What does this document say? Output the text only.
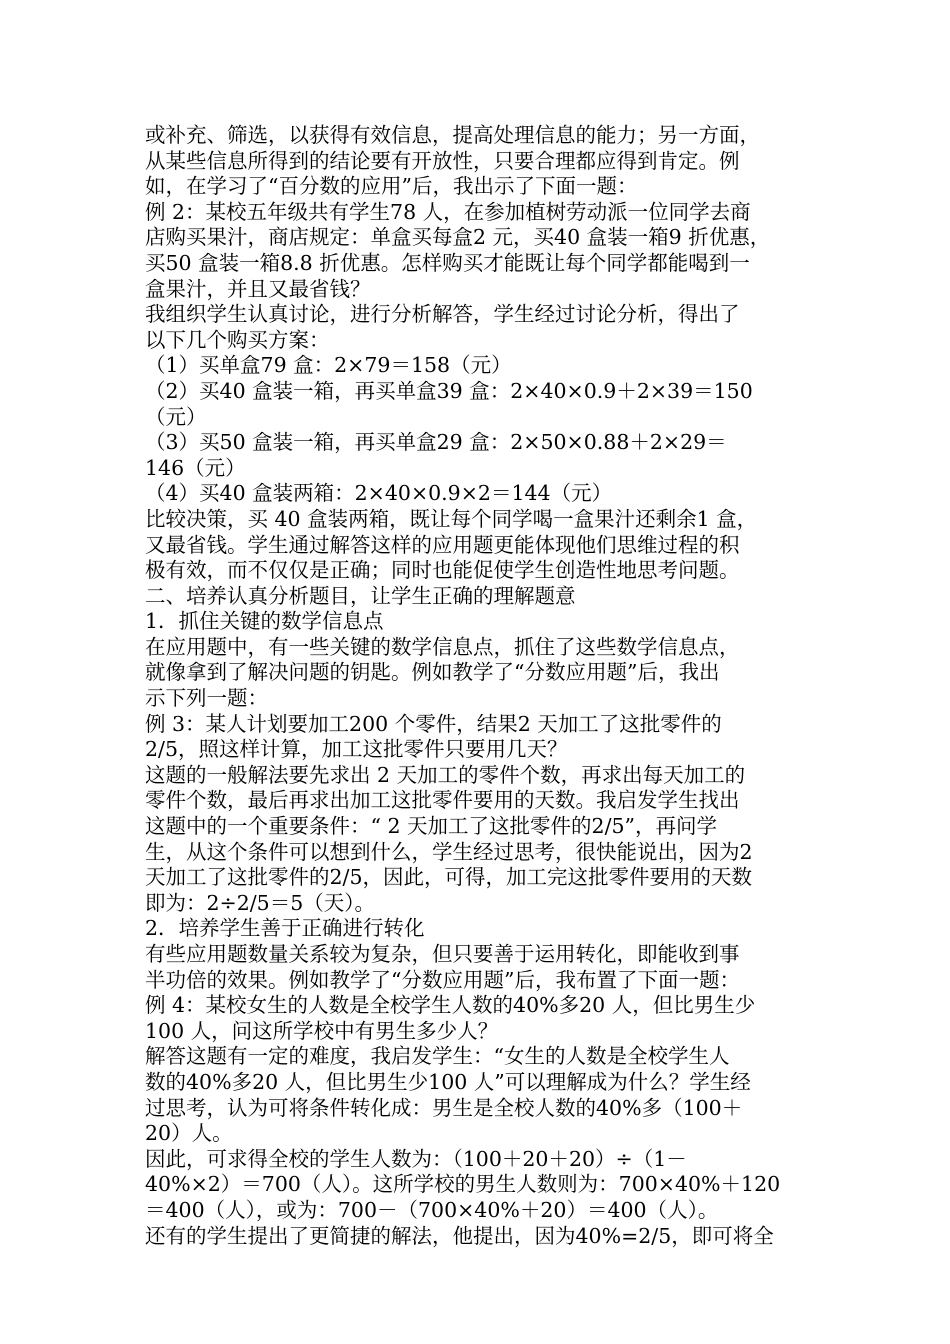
或补充、筛选，以获得有效信息，提高处理信息的能力；另一方面，
从某些信息所得到的结论要有开放性，只要合理都应得到肯定。例
如，在学习了“百分数的应用”后，我出示了下面一题：
例 2：某校五年级共有学生78 人，在参加植树劳动派一位同学去商
店购买果汁，商店规定：单盒买每盒2 元，买40 盒装一箱9 折优惠，
买50 盒装一箱8.8 折优惠。怎样购买才能既让每个同学都能喝到一
盒果汁，并且又最省钱？
我组织学生认真讨论，进行分析解答，学生经过讨论分析，得出了
以下几个购买方案：
（1）买单盒79 盒：2×79＝158（元）
（2）买40 盒装一箱，再买单盒39 盒：2×40×0.9＋2×39＝150
（元）
（3）买50 盒装一箱，再买单盒29 盒：2×50×0.88＋2×29＝
146（元）
（4）买40 盒装两箱：2×40×0.9×2＝144（元）
比较决策，买 40 盒装两箱，既让每个同学喝一盒果汁还剩余1 盒，
又最省钱。学生通过解答这样的应用题更能体现他们思维过程的积
极有效，而不仅仅是正确；同时也能促使学生创造性地思考问题。
二、培养认真分析题目，让学生正确的理解题意
1．抓住关键的数学信息点
在应用题中，有一些关键的数学信息点，抓住了这些数学信息点，
就像拿到了解决问题的钥匙。例如教学了“分数应用题”后，我出
示下列一题：
例 3：某人计划要加工200 个零件，结果2 天加工了这批零件的
2/5，照这样计算，加工这批零件只要用几天？
这题的一般解法要先求出 2 天加工的零件个数，再求出每天加工的
零件个数，最后再求出加工这批零件要用的天数。我启发学生找出
这题中的一个重要条件：“ 2 天加工了这批零件的2/5”，再问学
生，从这个条件可以想到什么，学生经过思考，很快能说出，因为2
天加工了这批零件的2/5，因此，可得，加工完这批零件要用的天数
即为：2÷2/5＝5（天）。
2．培养学生善于正确进行转化
有些应用题数量关系较为复杂，但只要善于运用转化，即能收到事
半功倍的效果。例如教学了“分数应用题”后，我布置了下面一题：
例 4：某校女生的人数是全校学生人数的40%多20 人，但比男生少
100 人，问这所学校中有男生多少人？
解答这题有一定的难度，我启发学生：“女生的人数是全校学生人
数的40%多20 人，但比男生少100 人”可以理解成为什么？学生经
过思考，认为可将条件转化成：男生是全校人数的40%多（100＋
20）人。
因此，可求得全校的学生人数为：（100＋20＋20）÷（1－
40%×2）＝700（人）。这所学校的男生人数则为：700×40%＋120
＝400（人），或为：700－（700×40%＋20）＝400（人）。
还有的学生提出了更简捷的解法，他提出，因为40%=2/5，即可将全
